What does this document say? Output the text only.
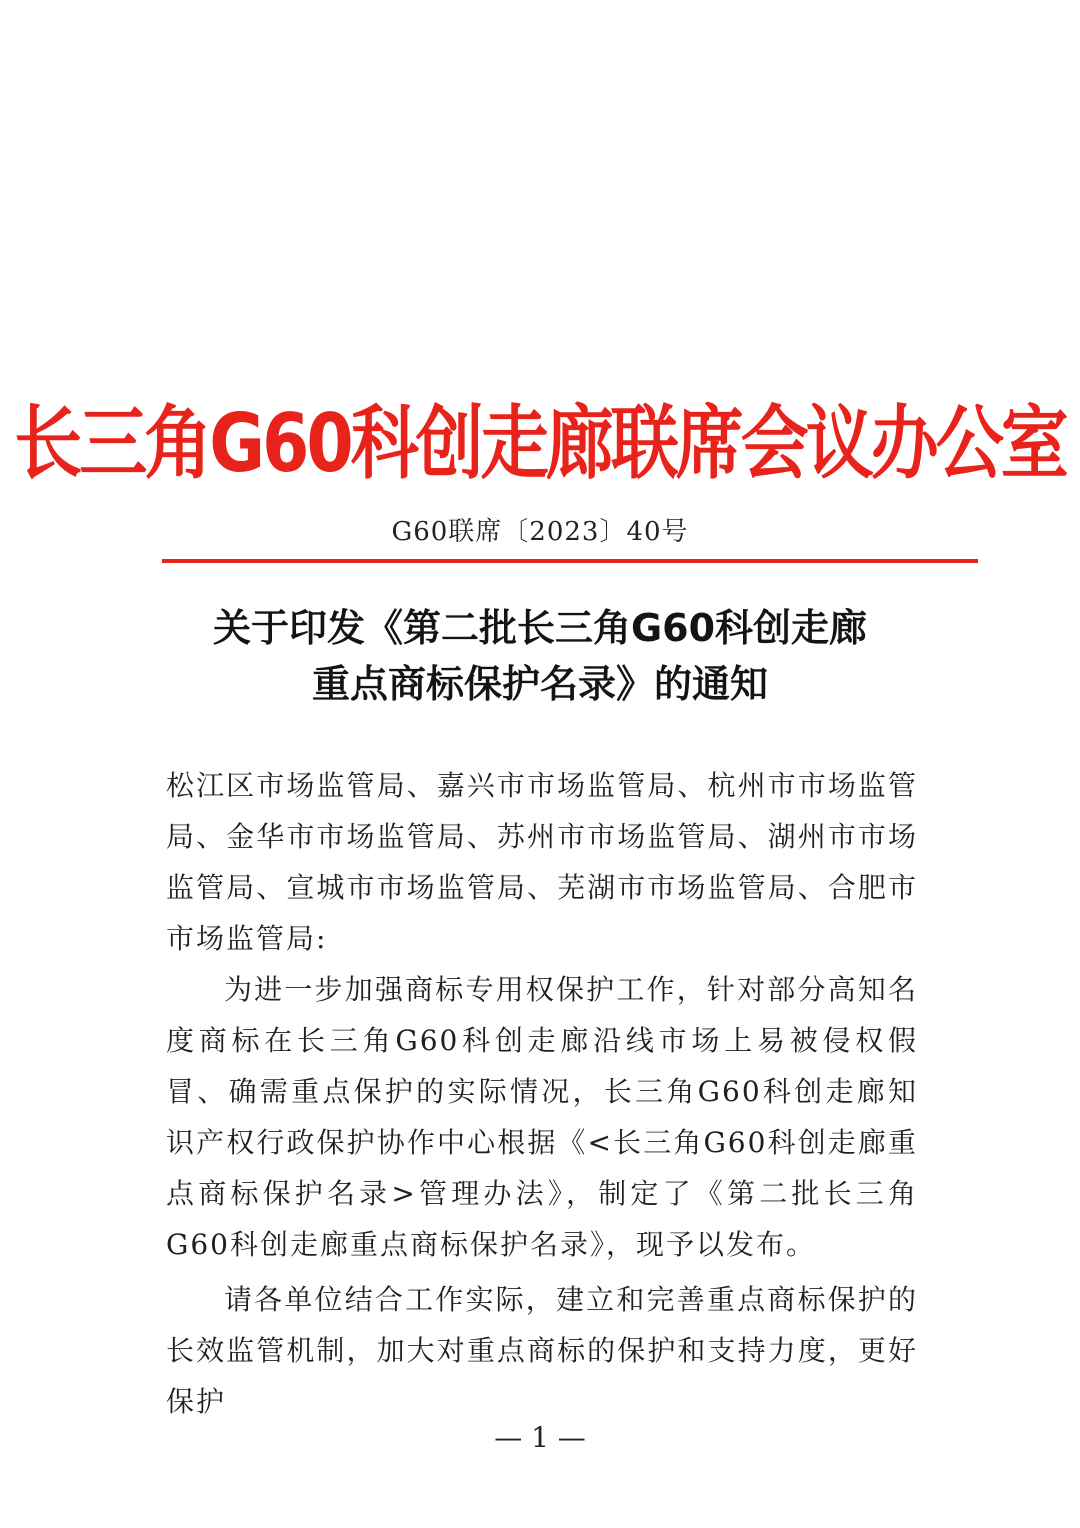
长三角G60科创走廊联席会议办公室
G60联席〔2023〕40号
关于印发《第二批长三角G60科创走廊
重点商标保护名录》的通知

松江区市场监管局、嘉兴市市场监管局、杭州市市场监管局、金华市市场监管局、苏州市市场监管局、湖州市市场监管局、宣城市市场监管局、芜湖市市场监管局、合肥市市场监管局:

为进一步加强商标专用权保护工作，针对部分高知名度商标在长三角G60科创走廊沿线市场上易被侵权假冒、确需重点保护的实际情况，长三角G60科创走廊知识产权行政保护协作中心根据《<长三角G60科创走廊重点商标保护名录>管理办法》，制定了《第二批长三角G60科创走廊重点商标保护名录》，现予以发布。

请各单位结合工作实际，建立和完善重点商标保护的长效监管机制，加大对重点商标的保护和支持力度，更好保护

— 1 —
